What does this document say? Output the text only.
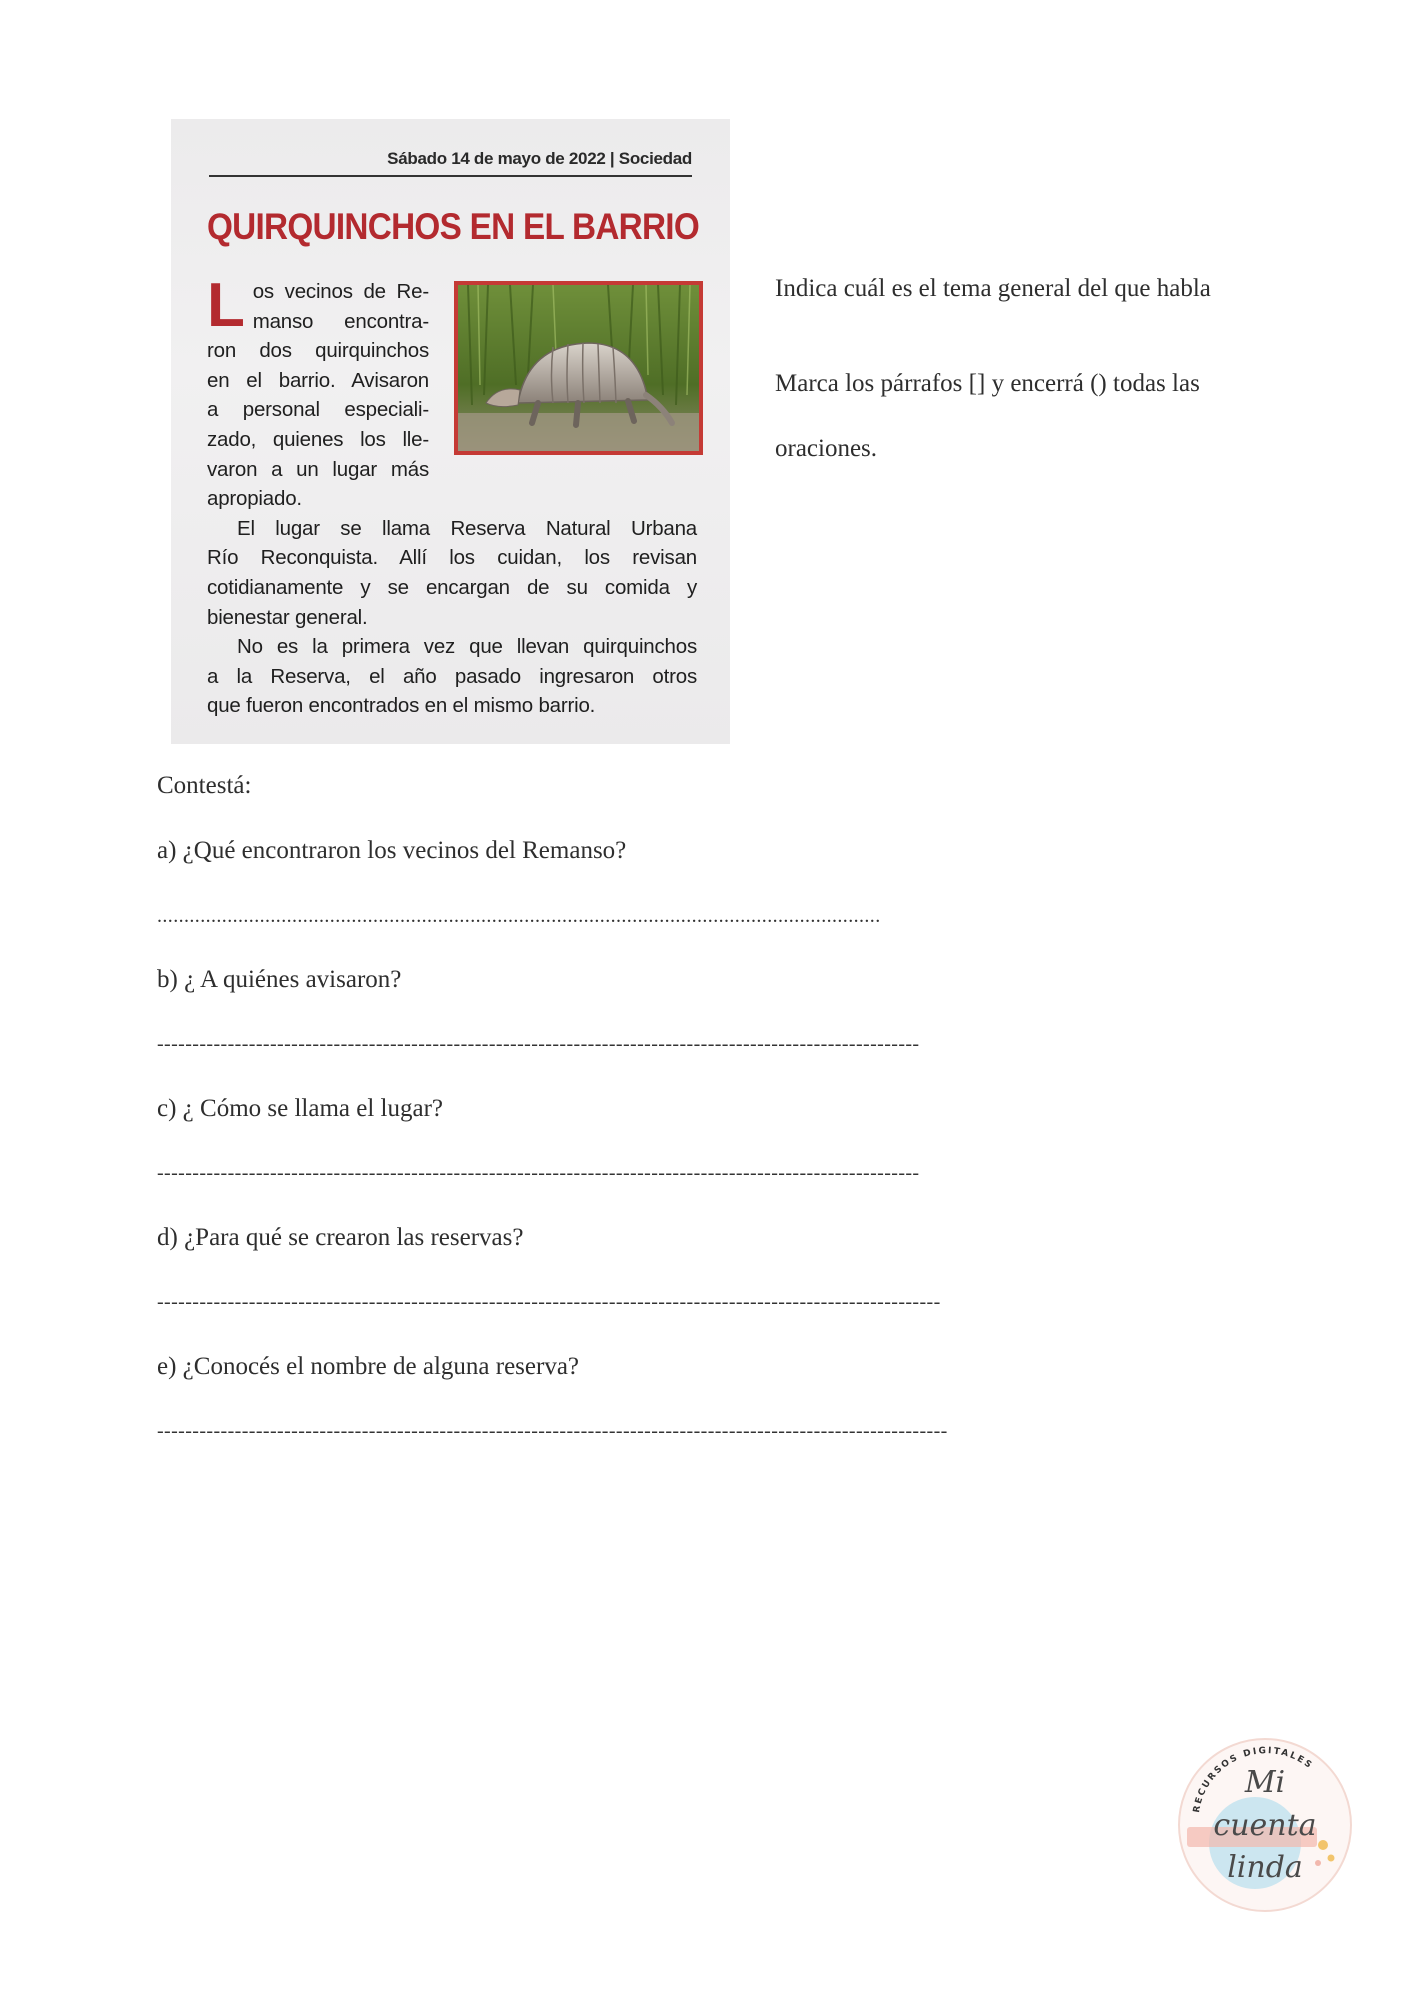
Sábado 14 de mayo de 2022 | Sociedad
QUIRQUINCHOS EN EL BARRIO
L os vecinos de Re-
manso encontra-
ron dos quirquinchos
en el barrio. Avisaron
a personal especiali-
zado, quienes los lle-
varon a un lugar más
apropiado.
El lugar se llama Reserva Natural Urbana
Río Reconquista. Allí los cuidan, los revisan
cotidianamente y se encargan de su comida y
bienestar general.
No es la primera vez que llevan quirquinchos
a la Reserva, el año pasado ingresaron otros
que fueron encontrados en el mismo barrio.
Indica cuál es el tema general del que habla
Marca los párrafos [] y encerrá () todas las
oraciones.
Contestá:
a) ¿Qué encontraron los vecinos del Remanso?
......................................................................................................................................
b) ¿ A quiénes avisaron?
------------------------------------------------------------------------------------------------------------
c) ¿ Cómo se llama el lugar?
------------------------------------------------------------------------------------------------------------
d) ¿Para qué se crearon las reservas?
---------------------------------------------------------------------------------------------------------------
e) ¿Conocés el nombre de alguna reserva?
----------------------------------------------------------------------------------------------------------------
RECURSOS DIGITALES
Mi
cuenta
linda
